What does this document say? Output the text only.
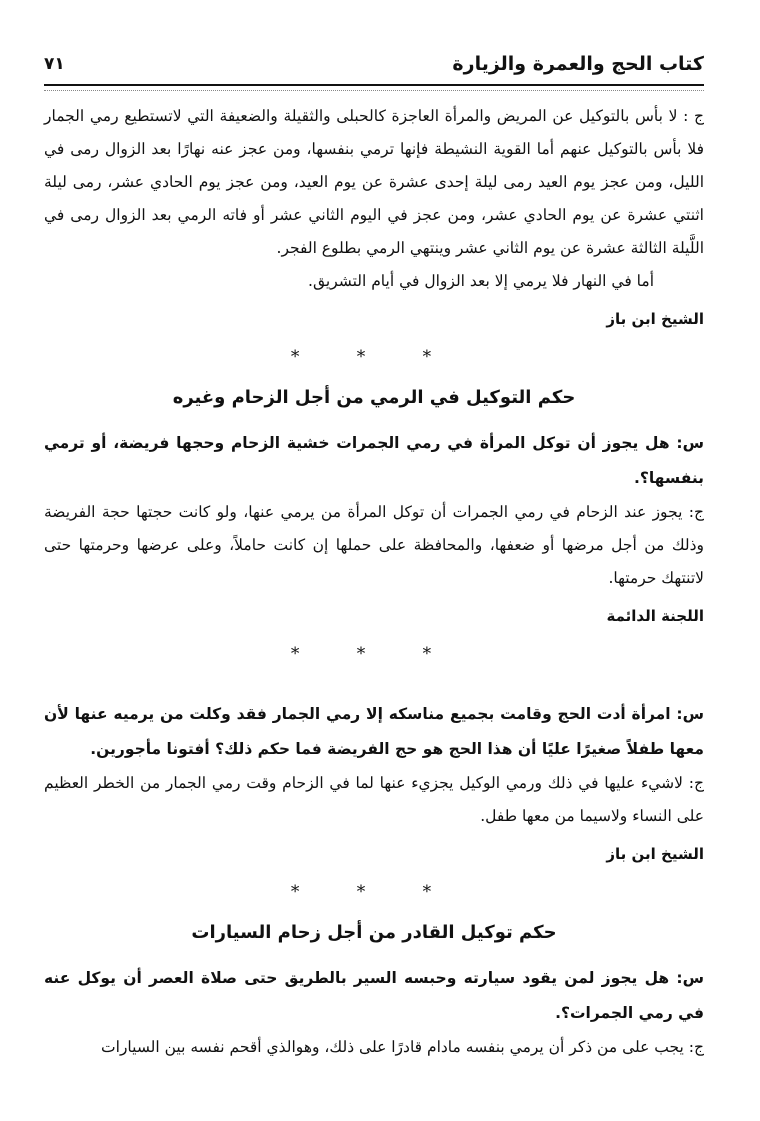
كتاب الحج والعمرة والزيارة
٧١

ج : لا بأس بالتوكيل عن المريض والمرأة العاجزة كالحبلى والثقيلة والضعيفة التي لاتستطيع رمي الجمار فلا بأس بالتوكيل عنهم أما القوية النشيطة فإنها ترمي بنفسها، ومن عجز عنه نهارًا بعد الزوال رمى في الليل، ومن عجز يوم العيد رمى ليلة إحدى عشرة عن يوم العيد، ومن عجز يوم الحادي عشر، رمى ليلة اثنتي عشرة عن يوم الحادي عشر، ومن عجز في اليوم الثاني عشر أو فاته الرمي بعد الزوال رمى في اللَّيلة الثالثة عشرة عن يوم الثاني عشر وينتهي الرمي بطلوع الفجر.

أما في النهار فلا يرمي إلا بعد الزوال في أيام التشريق.

الشيخ ابن باز

* * *
حكم التوكيل في الرمي من أجل الزحام وغيره

س: هل يجوز أن توكل المرأة في رمي الجمرات خشية الزحام وحجها فريضة، أو ترمي بنفسها؟.

ج: يجوز عند الزحام في رمي الجمرات أن توكل المرأة من يرمي عنها، ولو كانت حجتها حجة الفريضة وذلك من أجل مرضها أو ضعفها، والمحافظة على حملها إن كانت حاملاً، وعلى عرضها وحرمتها حتى لاتنتهك حرمتها.

اللجنة الدائمة

* * *

س: امرأة أدت الحج وقامت بجميع مناسكه إلا رمي الجمار فقد وكلت من يرميه عنها لأن معها طفلاً صغيرًا عليًا أن هذا الحج هو حج الفريضة فما حكم ذلك؟ أفتونا مأجورين.

ج: لاشيء عليها في ذلك ورمي الوكيل يجزيء عنها لما في الزحام وقت رمي الجمار من الخطر العظيم على النساء ولاسيما من معها طفل.

الشيخ ابن باز

* * *
حكم توكيل القادر من أجل زحام السيارات

س: هل يجوز لمن يقود سيارته وحبسه السير بالطريق حتى صلاة العصر أن يوكل عنه في رمي الجمرات؟.

ج: يجب على من ذكر أن يرمي بنفسه مادام قادرًا على ذلك، وهوالذي أقحم نفسه بين السيارات
